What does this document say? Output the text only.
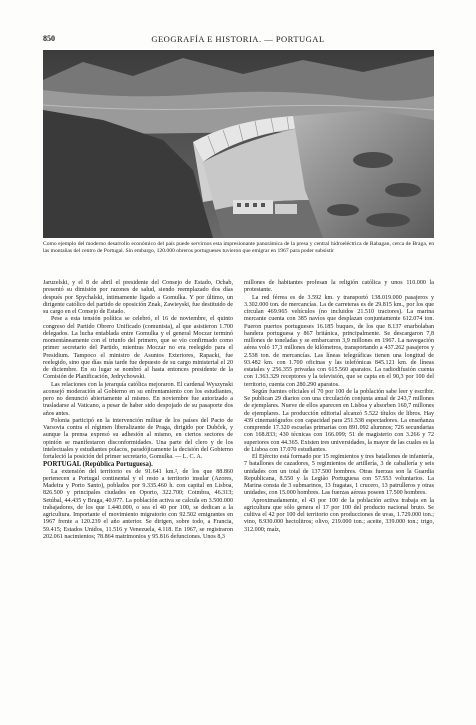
850	GEOGRAFÍA E HISTORIA. — PORTUGAL
Como ejemplo del moderno desarrollo económico del país puede servirnos esta impresionante panorámica de la presa y central hidroeléctrica de Rabagan, cerca de Braga, en las montañas del centro de Portugal. Sin embargo, 120.000 obreros portugueses tuvieron que emigrar en 1967 para poder subsistir

Jaruzelski, y el 8 de abril el presidente del Consejo de Estado, Ochab, presentó su dimisión por razones de salud, siendo reemplazado dos días después por Spychalski, íntimamente ligado a Gomulka. Y por último, un dirigente católico del partido de oposición Znak, Zawieyski, fue destituido de su cargo en el Consejo de Estado.

Pese a esta tensión política se celebró, el 16 de noviembre, el quinto congreso del Partido Obrero Unificado (comunista), al que asistieron 1.700 delegados. La lucha entablada entre Gomulka y el general Moczar terminó momentáneamente con el triunfo del primero, que se vio confirmado como primer secretario del Partido, mientras Moczar no era reelegido para el Presidium. Tampoco el ministro de Asuntos Exteriores, Rapacki, fue reelegido, sino que días más tarde fue depuesto de su cargo ministerial el 20 de diciembre. En su lugar se nombró al hasta entonces presidente de la Comisión de Planificación, Jedrychowski.

Las relaciones con la jerarquía católica mejoraron. El cardenal Wyszynski aconsejó moderación al Gobierno en su enfrentamiento con los estudiantes, pero no denunció abiertamente al mismo. En noviembre fue autorizado a trasladarse al Vaticano, a pesar de haber sido despojado de su pasaporte dos años antes.

Polonia participó en la intervención militar de los países del Pacto de Varsovia contra el régimen liberalizante de Praga, dirigido por Dubček, y aunque la prensa expresó su adhesión al mismo, en ciertos sectores de opinión se manifestaron disconformidades. Una parte del clero y de los intelectuales y estudiantes polacos, paradójicamente la decisión del Gobierno fortaleció la posición del primer secretario, Gomulka. — L. C. A.

PORTUGAL (República Portuguesa).

La extensión del territorio es de 91.641 km.², de los que 88.860 pertenecen a Portugal continental y el resto a territorio insular (Azores, Madeira y Porto Santo), poblados por 9.335.460 h. con capital en Lisboa, 826.500 y principales ciudades en Oporto, 322.700; Coimbra, 46.313; Setúbal, 44.435 y Braga, 40.977. La población activa se calcula en 3.500.000 trabajadores, de los que 1.440.000, o sea el 40 por 100, se dedican a la agricultura. Importante el movimiento migratorio con 92.502 emigrantes en 1967 frente a 120.239 el año anterior. Se dirigen, sobre todo, a Francia, 59.415; Estados Unidos, 11.516 y Venezuela, 4.118. En 1967, se registraron 202.061 nacimientos; 78.864 matrimonios y 95.816 defunciones. Unos 8,3

millones de habitantes profesan la religión católica y unos 110.000 la protestante.

La red férrea es de 3.592 km. y transportó 138.019.000 pasajeros y 3.302.000 ton. de mercancías. La de carreteras es de 29.815 km., por los que circulan 469.965 vehículos (no incluidos 21.510 tractores). La marina mercante cuenta con 385 navíos que desplazan conjuntamente 612.074 ton. Fueron puertos portugueses 16.185 buques, de los que 8.137 enarbolaban bandera portuguesa y 867 británica, principalmente. Se descargaron 7,8 millones de toneladas y se embarcaron 3,9 millones en 1967. La navegación aérea voló 17,3 millones de kilómetros, transportando a 437.262 pasajeros y 2.538 ton. de mercancías. Las líneas telegráficas tienen una longitud de 93.482 km. con 1.700 oficinas y las telefónicas 845.121 km. de líneas estatales y 256.355 privadas con 615.560 aparatos. La radiodifusión cuenta con 1.363.329 receptores y la televisión, que se capta en el 90,3 por 100 del territorio, cuenta con 280.290 aparatos.

Según fuentes oficiales el 70 por 100 de la población sabe leer y escribir. Se publican 29 diarios con una circulación conjunta anual de 243,7 millones de ejemplares. Nueve de ellos aparecen en Lisboa y absorben 160,7 millones de ejemplares. La producción editorial alcanzó 5.522 títulos de libros. Hay 439 cinematógrafos con capacidad para 251.538 espectadores. La enseñanza comprende 17.320 escuelas primarias con 891.092 alumnos; 726 secundarias con 168.833; 430 técnicas con 166.099; 51 de magisterio con 3.266 y 72 superiores con 44.365. Existen tres universidades, la mayor de las cuales es la de Lisboa con 17.070 estudiantes.

El Ejército está formado por 15 regimientos y tres batallones de infantería, 7 batallones de cazadores, 5 regimientos de artillería, 3 de caballería y seis unidades con un total de 137.500 hombres. Otras fuerzas son la Guardia Republicana, 8.550 y la Legião Portuguesa con 57.553 voluntarios. La Marina consta de 3 submarinos, 13 fragatas, 1 crucero, 13 patrulleros y otras unidades, con 15.000 hombres. Las fuerzas aéreas poseen 17.500 hombres.

Aproximadamente, el 43 por 100 de la población activa trabaja en la agricultura que sólo genera el 17 por 100 del producto nacional bruto. Se cultiva el 42 por 100 del territorio con producciones de uvas, 1.729.000 ton.; vino, 8.930.000 hectolitros; olivo, 219.000 ton.; aceite, 339.000 ton.; trigo, 312.000; maíz,
